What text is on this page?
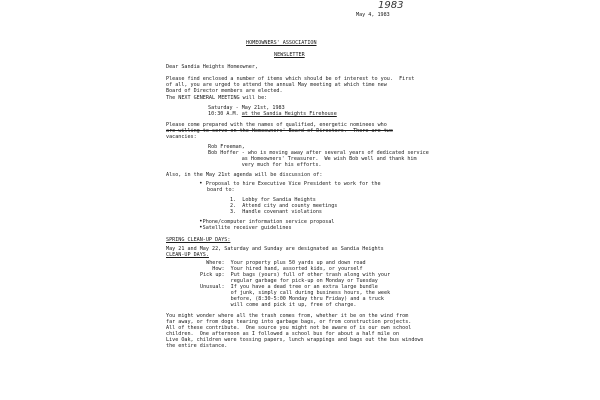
1983
May 4, 1983
HOMEOWNERS' ASSOCIATION
NEWSLETTER
Dear Sandia Heights Homeowner,
Please find enclosed a number of items which should be of interest to you.  First
of all, you are urged to attend the annual May meeting at which time new
Board of Director members are elected.
The NEXT GENERAL MEETING will be:
Saturday - May 21st, 1983
10:30 A.M. at the Sandia Heights Firehouse
Please come prepared with the names of qualified, energetic nominees who
are willing to serve on the Homeowners' Board of Directors.  There are two
vacancies:
Rob Freeman,
Bob Hoffer - who is moving away after several years of dedicated service
as Homeowners' Treasurer.  We wish Bob well and thank him
very much for his efforts.
Also, in the May 21st agenda will be discussion of:
• Proposal to hire Executive Vice President to work for the
board to:
1.  Lobby for Sandia Heights
2.  Attend city and county meetings
3.  Handle covenant violations
•Phone/computer information service proposal
•Satellite receiver guidelines
SPRING CLEAN-UP DAYS:
May 21 and May 22, Saturday and Sunday are designated as Sandia Heights
CLEAN-UP DAYS.
Where:  Your property plus 50 yards up and down road
How:  Your hired hand, assorted kids, or yourself
Pick up:  Put bags (yours) full of other trash along with your
regular garbage for pick-up on Monday or Tuesday
Unusual:  If you have a dead tree or an extra large bundle
of junk, simply call during business hours, the week
before, (8:30-5:00 Monday thru Friday) and a truck
will come and pick it up, free of charge.
You might wonder where all the trash comes from, whether it be on the wind from
far away, or from dogs tearing into garbage bags, or from construction projects.
All of these contribute.  One source you might not be aware of is our own school
children.  One afternoon as I followed a school bus for about a half mile on
Live Oak, children were tossing papers, lunch wrappings and bags out the bus windows
the entire distance.
